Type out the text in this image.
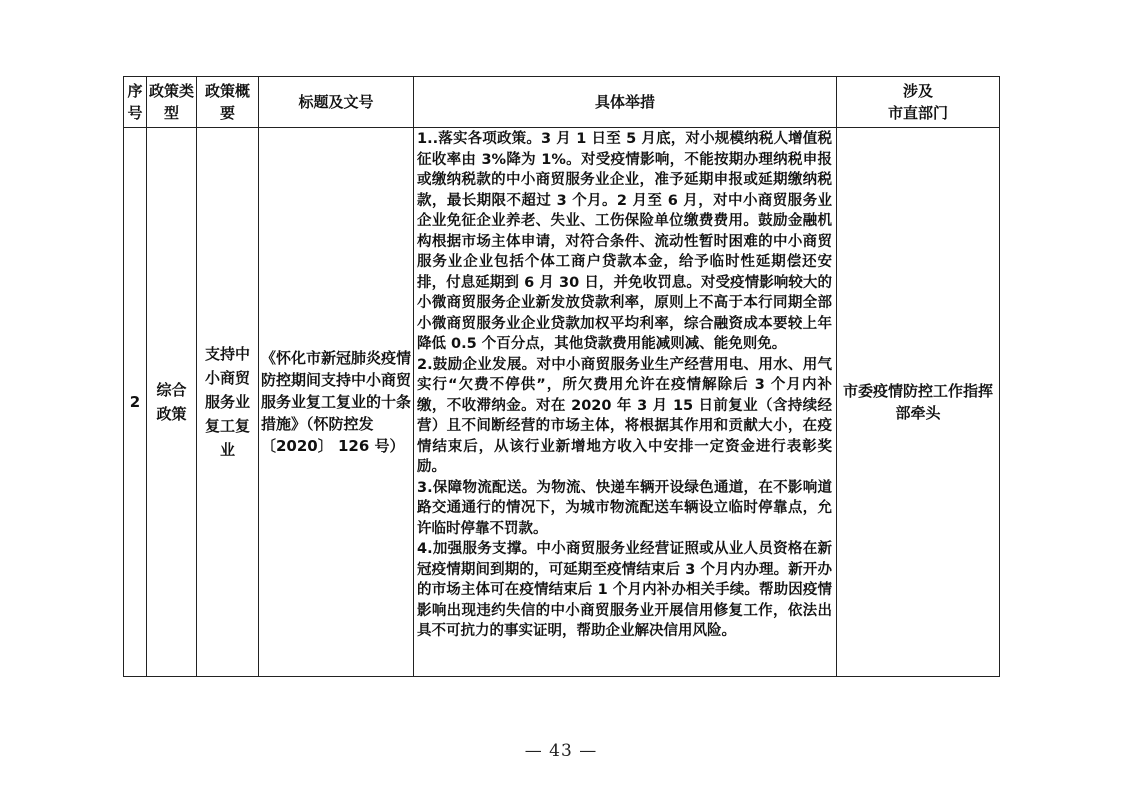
序号	政策类型	政策概要	标题及文号	具体举措	涉及
市直部门
2	综合政策	支持中小商贸服务业复工复业	《怀化市新冠肺炎疫情防控期间支持中小商贸服务业复工复业的十条措施》（怀防控发〔2020〕 126 号）	1..落实各项政策。3 月 1 日至 5 月底，对小规模纳税人增值税征收率由 3%降为 1%。对受疫情影响，不能按期办理纳税申报或缴纳税款的中小商贸服务业企业，准予延期申报或延期缴纳税款，最长期限不超过 3 个月。2 月至 6 月，对中小商贸服务业企业免征企业养老、失业、工伤保险单位缴费费用。鼓励金融机构根据市场主体申请，对符合条件、流动性暂时困难的中小商贸服务业企业包括个体工商户贷款本金，给予临时性延期偿还安排，付息延期到 6 月 30 日，并免收罚息。对受疫情影响较大的小微商贸服务企业新发放贷款利率，原则上不高于本行同期全部小微商贸服务业企业贷款加权平均利率，综合融资成本要较上年降低 0.5 个百分点，其他贷款费用能减则减、能免则免。
2.鼓励企业发展。对中小商贸服务业生产经营用电、用水、用气实行“欠费不停供”，所欠费用允许在疫情解除后 3 个月内补缴，不收滞纳金。对在 2020 年 3 月 15 日前复业（含持续经营）且不间断经营的市场主体，将根据其作用和贡献大小，在疫情结束后，从该行业新增地方收入中安排一定资金进行表彰奖励。
3.保障物流配送。为物流、快递车辆开设绿色通道，在不影响道路交通通行的情况下，为城市物流配送车辆设立临时停靠点，允许临时停靠不罚款。
4.加强服务支撑。中小商贸服务业经营证照或从业人员资格在新冠疫情期间到期的，可延期至疫情结束后 3 个月内办理。新开办的市场主体可在疫情结束后 1 个月内补办相关手续。帮助因疫情影响出现违约失信的中小商贸服务业开展信用修复工作，依法出具不可抗力的事实证明，帮助企业解决信用风险。	市委疫情防控工作指挥部牵头
— 43 —
